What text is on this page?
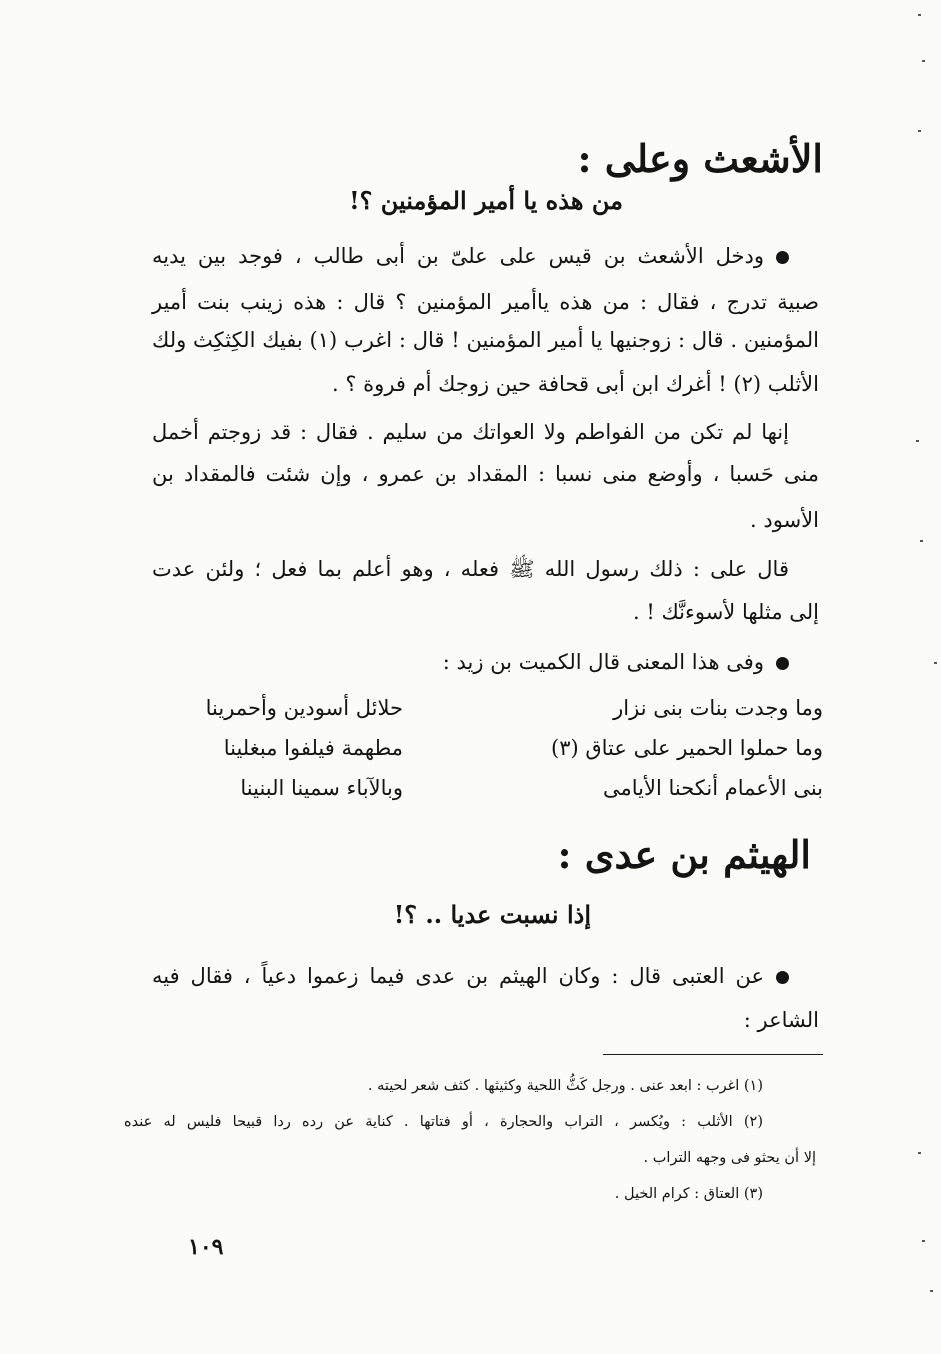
الأشعث وعلى :
من هذه يا أمير المؤمنين ؟!
ودخل الأشعث بن قيس على علىّ بن أبى طالب ، فوجد بين يديه
صبية تدرج ، فقال : من هذه ياأمير المؤمنين ؟ قال : هذه زينب بنت أمير
المؤمنين . قال : زوجنيها يا أمير المؤمنين ! قال : اغرب (١) بفيك الكِثكِث ولك
الأثلب (٢) ! أغرك ابن أبى قحافة حين زوجك أم فروة ؟ .
إنها لم تكن من الفواطم ولا العواتك من سليم . فقال : قد زوجتم أخمل
منى حَسبا ، وأوضع منى نسبا : المقداد بن عمرو ، وإن شئت فالمقداد بن
الأسود .
قال على : ذلك رسول الله ﷺ فعله ، وهو أعلم بما فعل ؛ ولئن عدت
إلى مثلها لأسوءنَّك ! .
وفى هذا المعنى قال الكميت بن زيد :
وما وجدت بنات بنى نزار
حلائل أسودين وأحمرينا
وما حملوا الحمير على عتاق (٣)
مطهمة فيلفوا مبغلينا
بنى الأعمام أنكحنا الأيامى
وبالآباء سمينا البنينا
الهيثم بن عدى :
إذا نسبت عديا .. ؟!
عن العتبى قال : وكان الهيثم بن عدى فيما زعموا دعياً ، فقال فيه
الشاعر :
(١) اغرب : ابعد عنى . ورجل كَثُّ اللحية وكثيثها . كثف شعر لحيته .
(٢) الأثلب : ويُكسر ، التراب والحجارة ، أو فتاتها . كناية عن رده ردا قبيحا فليس له عنده
إلا أن يحثو فى وجهه التراب .
(٣) العتاق : كرام الخيل .
١٠٩
